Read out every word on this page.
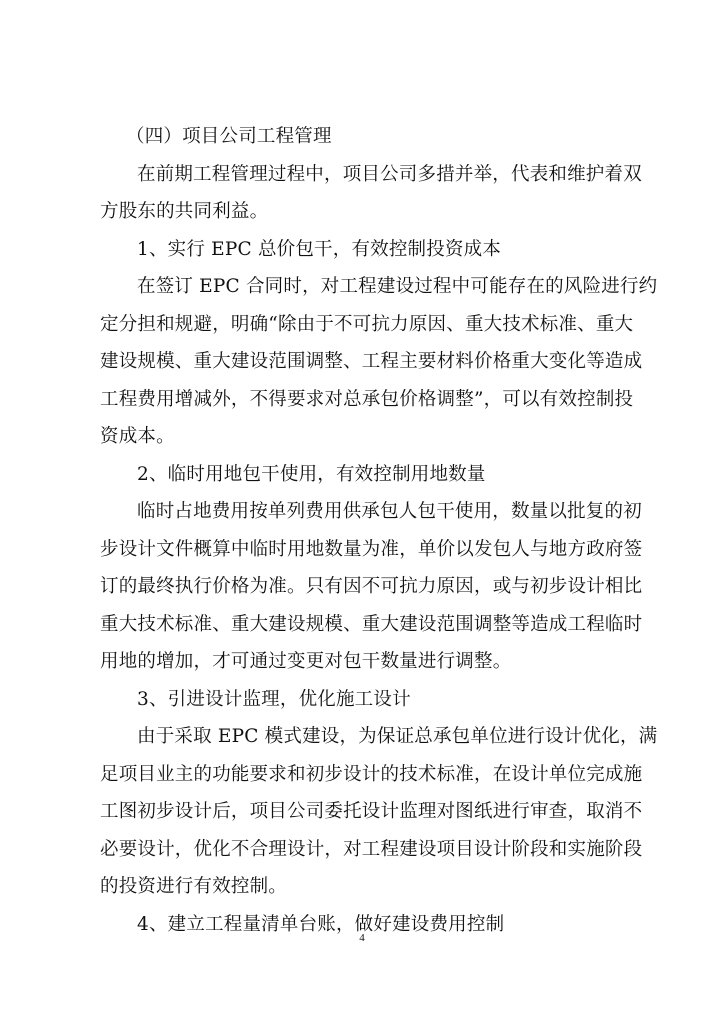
（四）项目公司工程管理
在前期工程管理过程中，项目公司多措并举，代表和维护着双
方股东的共同利益。
1、实行 EPC 总价包干，有效控制投资成本
在签订 EPC 合同时，对工程建设过程中可能存在的风险进行约
定分担和规避，明确“除由于不可抗力原因、重大技术标准、重大
建设规模、重大建设范围调整、工程主要材料价格重大变化等造成
工程费用增减外，不得要求对总承包价格调整”，可以有效控制投
资成本。
2、临时用地包干使用，有效控制用地数量
临时占地费用按单列费用供承包人包干使用，数量以批复的初
步设计文件概算中临时用地数量为准，单价以发包人与地方政府签
订的最终执行价格为准。只有因不可抗力原因，或与初步设计相比
重大技术标准、重大建设规模、重大建设范围调整等造成工程临时
用地的增加，才可通过变更对包干数量进行调整。
3、引进设计监理，优化施工设计
由于采取 EPC 模式建设，为保证总承包单位进行设计优化，满
足项目业主的功能要求和初步设计的技术标准，在设计单位完成施
工图初步设计后，项目公司委托设计监理对图纸进行审查，取消不
必要设计，优化不合理设计，对工程建设项目设计阶段和实施阶段
的投资进行有效控制。
4、建立工程量清单台账，做好建设费用控制
4
